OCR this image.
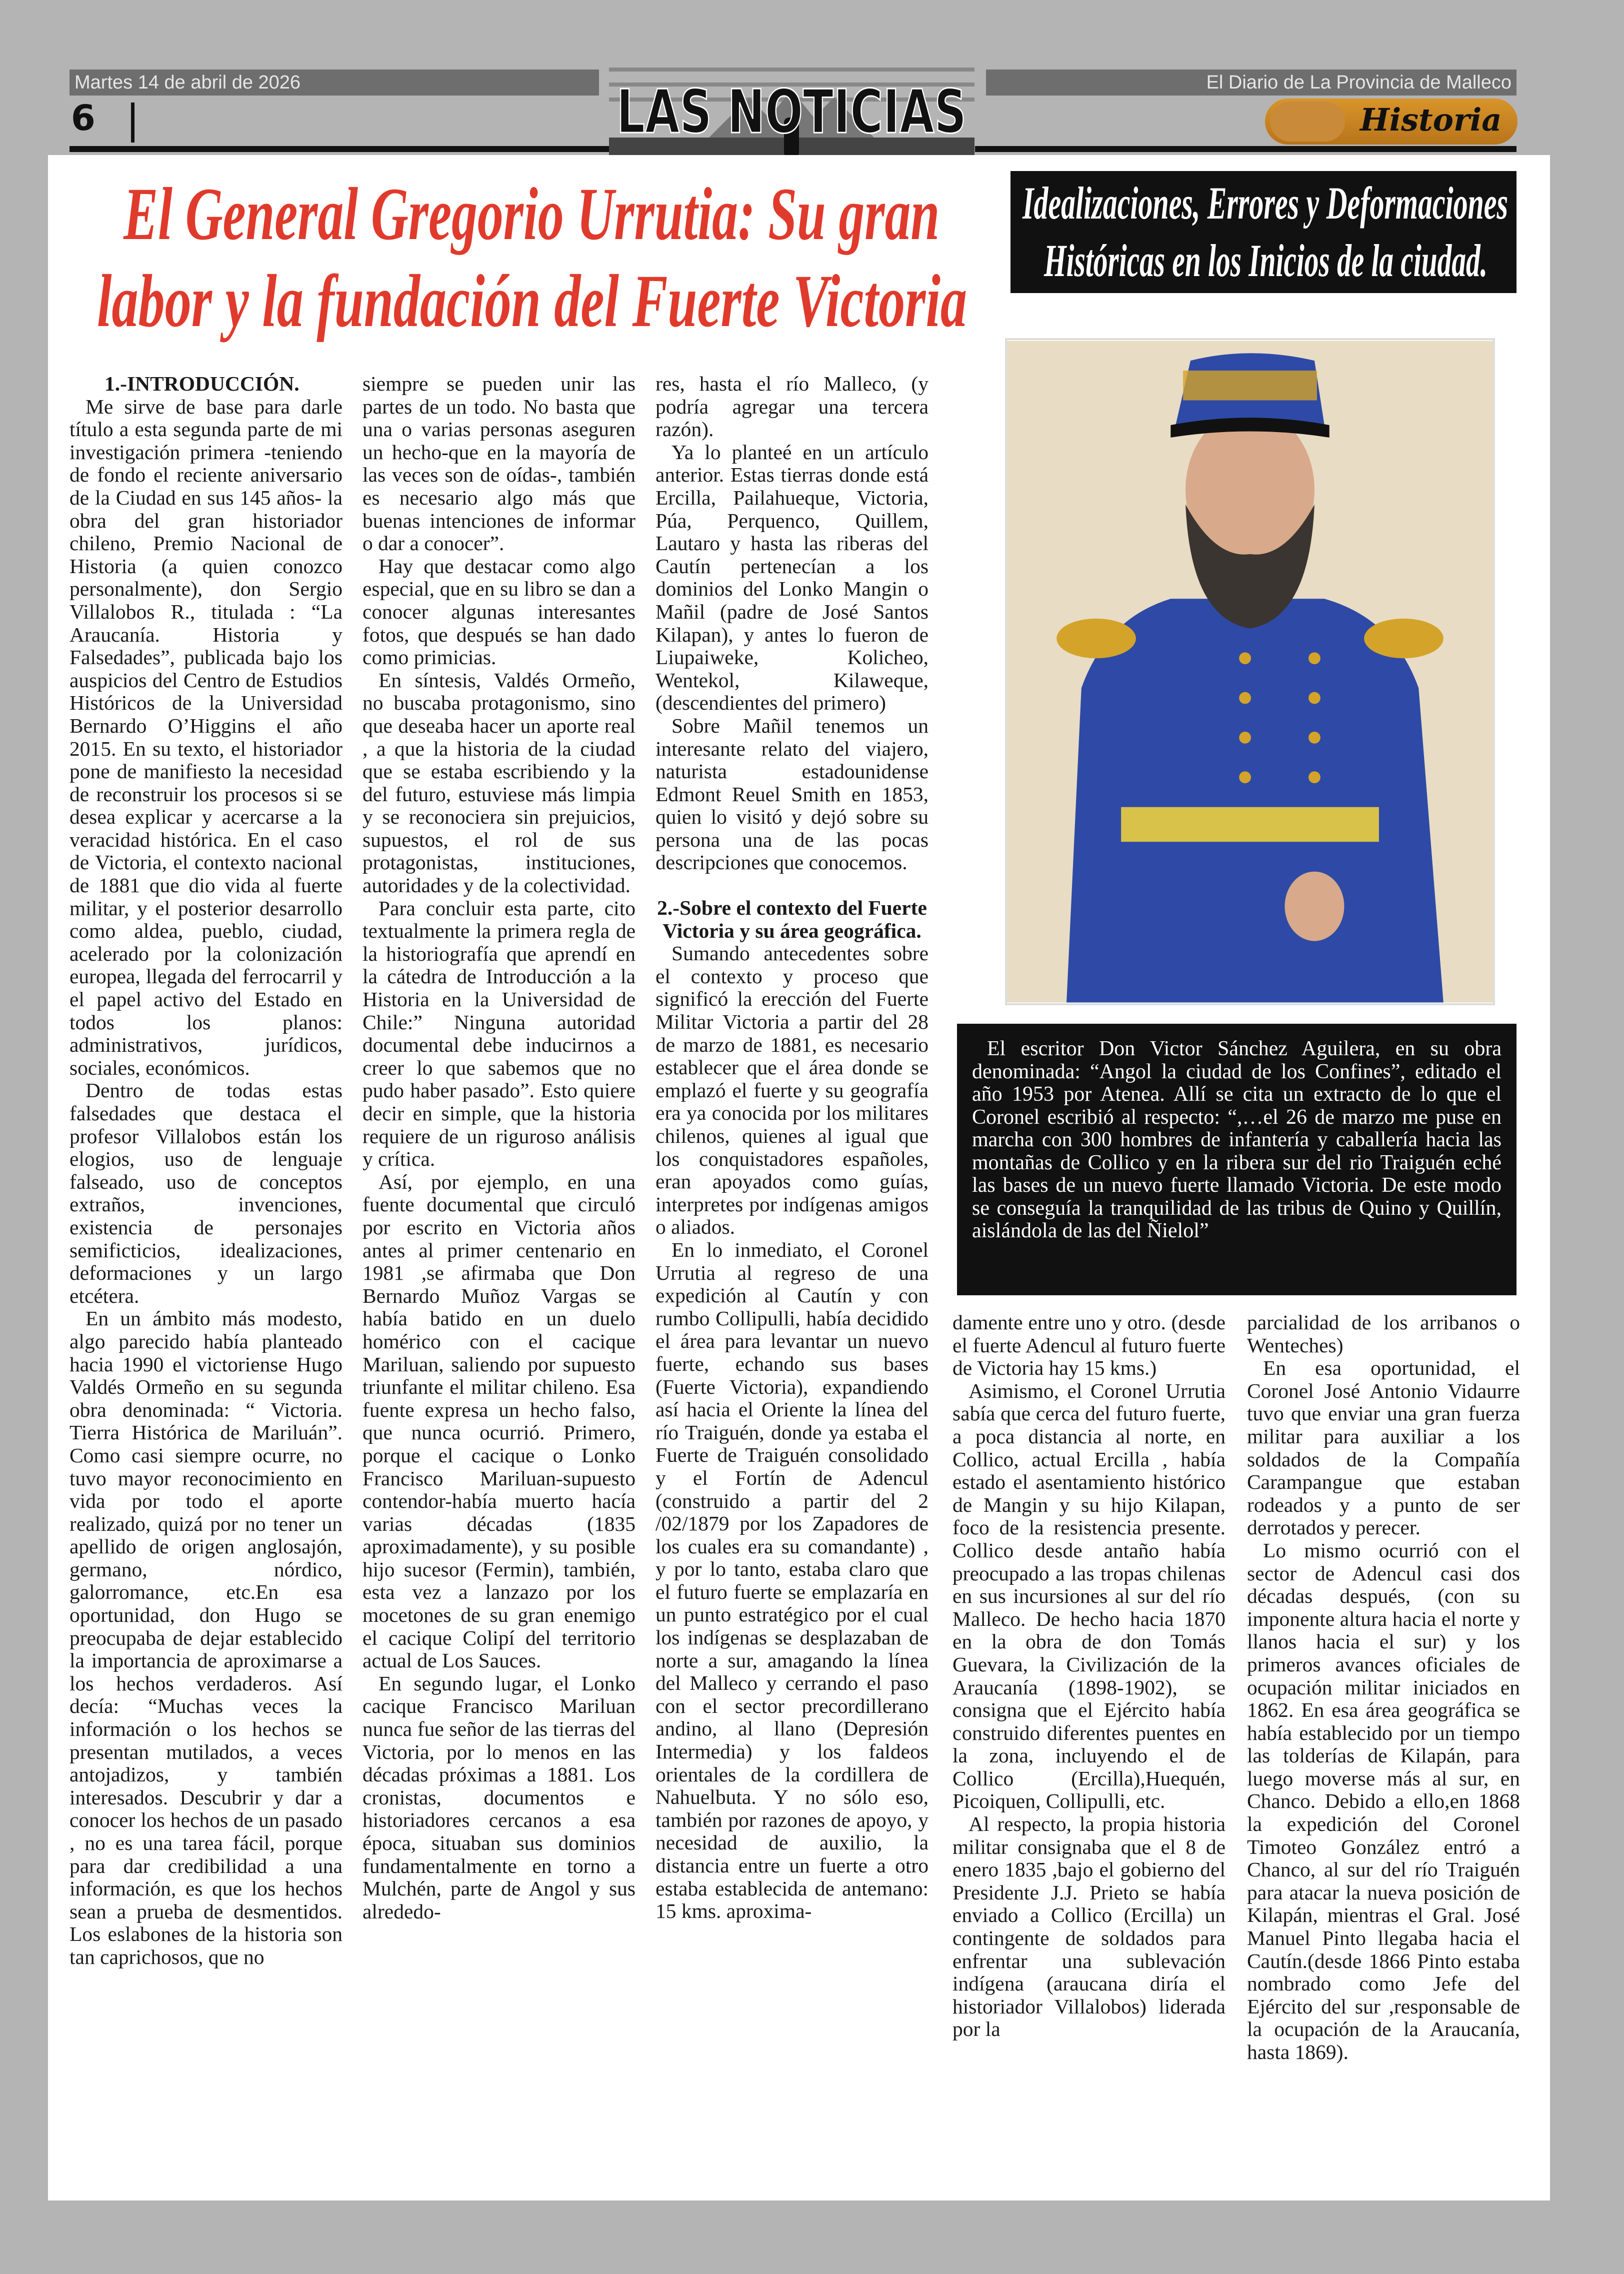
Martes 14 de abril de 2026	El Diario de La Provincia de Malleco
6	LAS NOTICIAS	Historia
El General Gregorio Urrutia: Su gran
labor y la fundación del Fuerte Victoria
Idealizaciones, Errores y Deformaciones
Históricas en los Inicios de la ciudad.

El escritor Don Victor Sánchez Aguilera, en su obra denominada: “Angol la ciudad de los Confines”, editado el año 1953 por Atenea. Allí se cita un extracto de lo que el Coronel escribió al respecto: “,…el 26 de marzo me puse en marcha con 300 hombres de infantería y caballería hacia las montañas de Collico y en la ribera sur del rio Traiguén eché las bases de un nuevo fuerte llamado Victoria. De este modo se conseguía la tranquilidad de las tribus de Quino y Quillín, aislándola de las del Ñielol”

1.-INTRODUCCIÓN.

Me sirve de base para darle título a esta segunda parte de mi investigación primera -teniendo de fondo el reciente aniversario de la Ciudad en sus 145 años- la obra del gran historiador chileno, Premio Nacional de Historia (a quien conozco personalmente), don Sergio Villalobos R., titulada : “La Araucanía. Historia y Falsedades”, publicada bajo los auspicios del Centro de Estudios Históricos de la Universidad Bernardo O’Higgins el año 2015. En su texto, el historiador pone de manifiesto la necesidad de reconstruir los procesos si se desea explicar y acercarse a la veracidad histórica. En el caso de Victoria, el contexto nacional de 1881 que dio vida al fuerte militar, y el posterior desarrollo como aldea, pueblo, ciudad, acelerado por la colonización europea, llegada del ferrocarril y el papel activo del Estado en todos los planos: administrativos, jurídicos, sociales, económicos.

Dentro de todas estas falsedades que destaca el profesor Villalobos están los elogios, uso de lenguaje falseado, uso de conceptos extraños, invenciones, existencia de personajes semificticios, idealizaciones, deformaciones y un largo etcétera.

En un ámbito más modesto, algo parecido había planteado hacia 1990 el victoriense Hugo Valdés Ormeño en su segunda obra denominada: “ Victoria. Tierra Histórica de Mariluán”. Como casi siempre ocurre, no tuvo mayor reconocimiento en vida por todo el aporte realizado, quizá por no tener un apellido de origen anglosajón, germano, nórdico, galorromance, etc.En esa oportunidad, don Hugo se preocupaba de dejar establecido la importancia de aproximarse a los hechos verdaderos. Así decía: “Muchas veces la información o los hechos se presentan mutilados, a veces antojadizos, y también interesados. Descubrir y dar a conocer los hechos de un pasado , no es una tarea fácil, porque para dar credibilidad a una información, es que los hechos sean a prueba de desmentidos. Los eslabones de la historia son tan caprichosos, que no

siempre se pueden unir las partes de un todo. No basta que una o varias personas aseguren un hecho-que en la mayoría de las veces son de oídas-, también es necesario algo más que buenas intenciones de informar o dar a conocer”.

Hay que destacar como algo especial, que en su libro se dan a conocer algunas interesantes fotos, que después se han dado como primicias.

En síntesis, Valdés Ormeño, no buscaba protagonismo, sino que deseaba hacer un aporte real , a que la historia de la ciudad que se estaba escribiendo y la del futuro, estuviese más limpia y se reconociera sin prejuicios, supuestos, el rol de sus protagonistas, instituciones, autoridades y de la colectividad.

Para concluir esta parte, cito textualmente la primera regla de la historiografía que aprendí en la cátedra de Introducción a la Historia en la Universidad de Chile:” Ninguna autoridad documental debe inducirnos a creer lo que sabemos que no pudo haber pasado”. Esto quiere decir en simple, que la historia requiere de un riguroso análisis y crítica.

Así, por ejemplo, en una fuente documental que circuló por escrito en Victoria años antes al primer centenario en 1981 ,se afirmaba que Don Bernardo Muñoz Vargas se había batido en un duelo homérico con el cacique Mariluan, saliendo por supuesto triunfante el militar chileno. Esa fuente expresa un hecho falso, que nunca ocurrió. Primero, porque el cacique o Lonko Francisco Mariluan-supuesto contendor-había muerto hacía varias décadas (1835 aproximadamente), y su posible hijo sucesor (Fermin), también, esta vez a lanzazo por los mocetones de su gran enemigo el cacique Colipí del territorio actual de Los Sauces.

En segundo lugar, el Lonko cacique Francisco Mariluan nunca fue señor de las tierras del Victoria, por lo menos en las décadas próximas a 1881. Los cronistas, documentos e historiadores cercanos a esa época, situaban sus dominios fundamentalmente en torno a Mulchén, parte de Angol y sus alrededo-

res, hasta el río Malleco, (y podría agregar una tercera razón).

Ya lo planteé en un artículo anterior. Estas tierras donde está Ercilla, Pailahueque, Victoria, Púa, Perquenco, Quillem, Lautaro y hasta las riberas del Cautín pertenecían a los dominios del Lonko Mangin o Mañil (padre de José Santos Kilapan), y antes lo fueron de Liupaiweke, Kolicheo, Wentekol, Kilaweque, (descendientes del primero)

Sobre Mañil tenemos un interesante relato del viajero, naturista estadounidense Edmont Reuel Smith en 1853, quien lo visitó y dejó sobre su persona una de las pocas descripciones que conocemos.

2.-Sobre el contexto del Fuerte Victoria y su área geográfica.

Sumando antecedentes sobre el contexto y proceso que significó la erección del Fuerte Militar Victoria a partir del 28 de marzo de 1881, es necesario establecer que el área donde se emplazó el fuerte y su geografía era ya conocida por los militares chilenos, quienes al igual que los conquistadores españoles, eran apoyados como guías, interpretes por indígenas amigos o aliados.

En lo inmediato, el Coronel Urrutia al regreso de una expedición al Cautín y con rumbo Collipulli, había decidido el área para levantar un nuevo fuerte, echando sus bases (Fuerte Victoria), expandiendo así hacia el Oriente la línea del río Traiguén, donde ya estaba el Fuerte de Traiguén consolidado y el Fortín de Adencul (construido a partir del 2 /02/1879 por los Zapadores de los cuales era su comandante) , y por lo tanto, estaba claro que el futuro fuerte se emplazaría en un punto estratégico por el cual los indígenas se desplazaban de norte a sur, amagando la línea del Malleco y cerrando el paso con el sector precordillerano andino, al llano (Depresión Intermedia) y los faldeos orientales de la cordillera de Nahuelbuta. Y no sólo eso, también por razones de apoyo, y necesidad de auxilio, la distancia entre un fuerte a otro estaba establecida de antemano: 15 kms. aproxima-

damente entre uno y otro. (desde el fuerte Adencul al futuro fuerte de Victoria hay 15 kms.)

Asimismo, el Coronel Urrutia sabía que cerca del futuro fuerte, a poca distancia al norte, en Collico, actual Ercilla , había estado el asentamiento histórico de Mangin y su hijo Kilapan, foco de la resistencia presente. Collico desde antaño había preocupado a las tropas chilenas en sus incursiones al sur del río Malleco. De hecho hacia 1870 en la obra de don Tomás Guevara, la Civilización de la Araucanía (1898-1902), se consigna que el Ejército había construido diferentes puentes en la zona, incluyendo el de Collico (Ercilla),Huequén, Picoiquen, Collipulli, etc.

Al respecto, la propia historia militar consignaba que el 8 de enero 1835 ,bajo el gobierno del Presidente J.J. Prieto se había enviado a Collico (Ercilla) un contingente de soldados para enfrentar una sublevación indígena (araucana diría el historiador Villalobos) liderada por la

parcialidad de los arribanos o Wenteches)

En esa oportunidad, el Coronel José Antonio Vidaurre tuvo que enviar una gran fuerza militar para auxiliar a los soldados de la Compañía Carampangue que estaban rodeados y a punto de ser derrotados y perecer.

Lo mismo ocurrió con el sector de Adencul casi dos décadas después, (con su imponente altura hacia el norte y llanos hacia el sur) y los primeros avances oficiales de ocupación militar iniciados en 1862. En esa área geográfica se había establecido por un tiempo las tolderías de Kilapán, para luego moverse más al sur, en Chanco. Debido a ello,en 1868 la expedición del Coronel Timoteo González entró a Chanco, al sur del río Traiguén para atacar la nueva posición de Kilapán, mientras el Gral. José Manuel Pinto llegaba hacia el Cautín.(desde 1866 Pinto estaba nombrado como Jefe del Ejército del sur ,responsable de la ocupación de la Araucanía, hasta 1869).
